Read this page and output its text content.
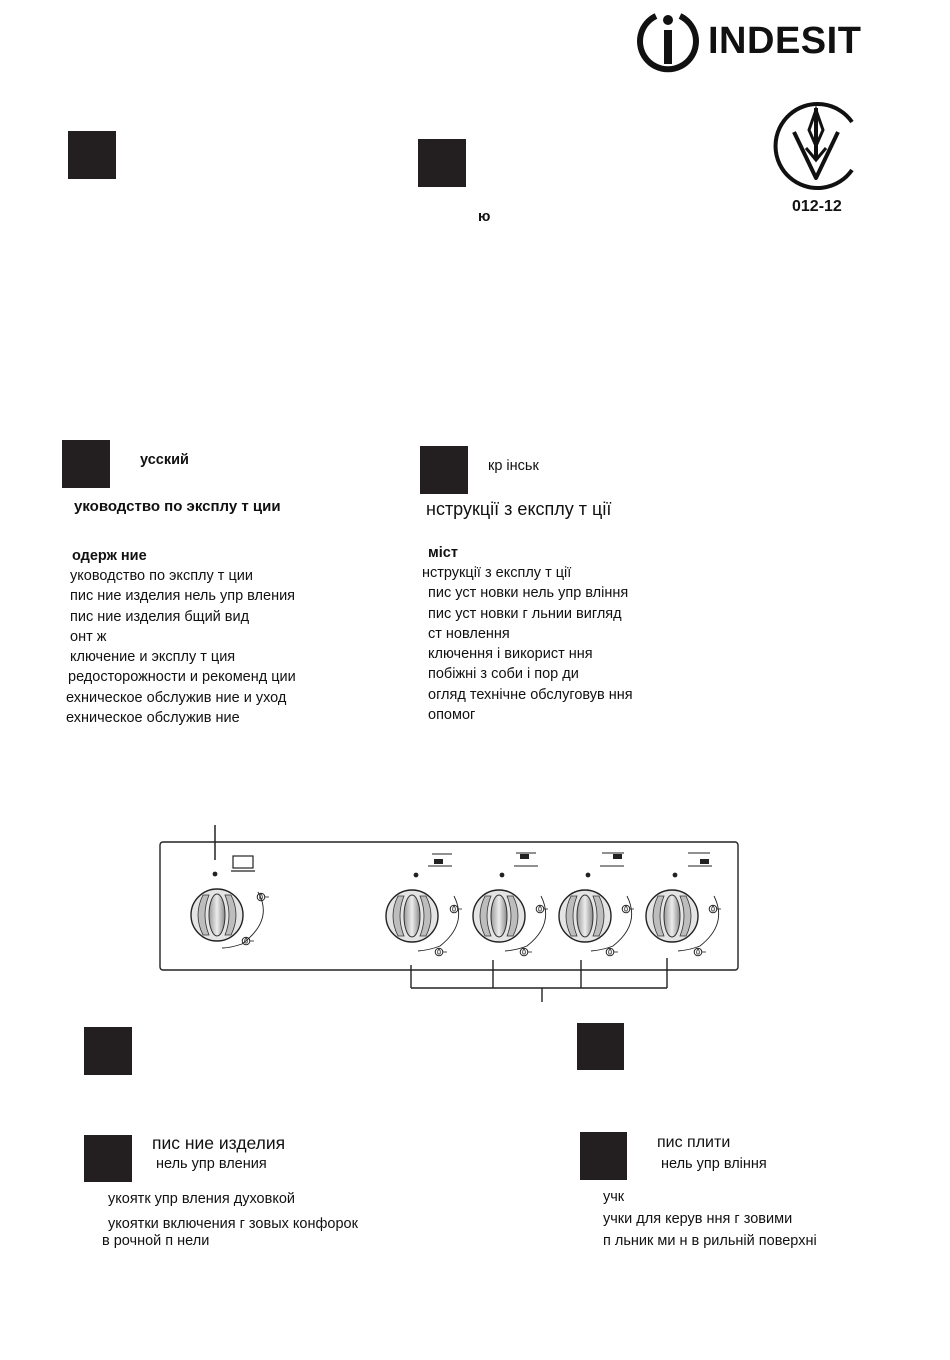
INDESIT
012-12
ю
усский
уководство по эксплу т ции
одерж ние
уководство по эксплу т ции
пис ние изделия нель упр вления
пис ние изделия бщий вид
онт ж
ключение и эксплу т ция
редосторожности и рекоменд ции
ехническое обслужив ние и уход
ехническое обслужив ние
кр інськ
нструкції з експлу т ції
міст
нструкції з експлу т ції
пис уст новки нель упр вління
пис уст новки г льнии вигляд
ст новлення
ключення і використ ння
побіжні з соби і пор ди
огляд технічне обслуговув ння
опомог
пис ние изделия
нель упр вления
укоятк упр вления духовкой
укоятки включения г зовых конфорок
в рочной п нели
пис плити
нель упр вління
учк
учки для керув ння г зовими
п льник ми н в рильній поверхні
